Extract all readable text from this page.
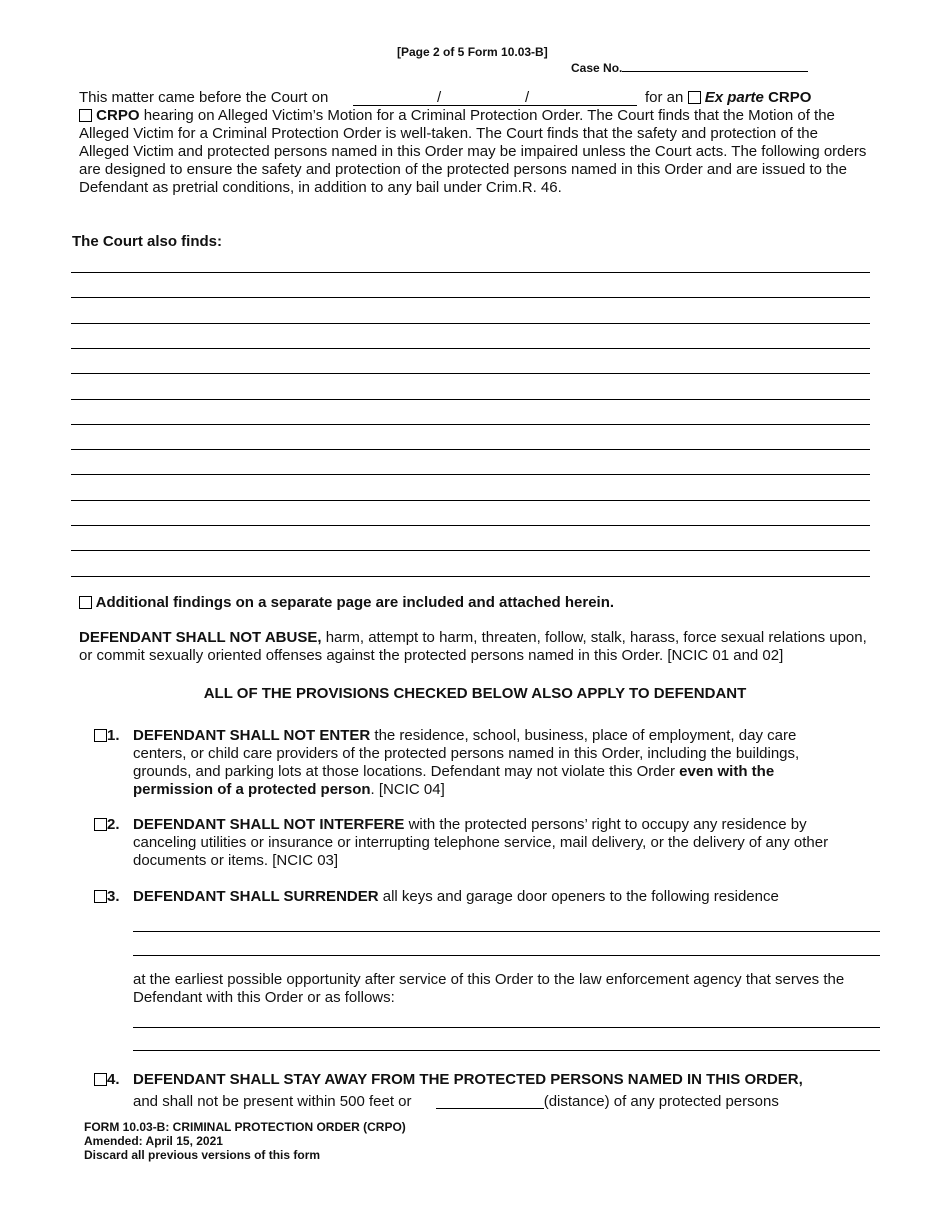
[Page 2 of 5 Form 10.03-B]
Case No.
This matter came before the Court on	/	/	for an Ex parte CRPO
CRPO hearing on Alleged Victim’s Motion for a Criminal Protection Order. The Court finds that the Motion of the Alleged Victim for a Criminal Protection Order is well-taken. The Court finds that the safety and protection of the Alleged Victim and protected persons named in this Order may be impaired unless the Court acts. The following orders are designed to ensure the safety and protection of the protected persons named in this Order and are issued to the Defendant as pretrial conditions, in addition to any bail under Crim.R. 46.
The Court also finds:
Additional findings on a separate page are included and attached herein.
DEFENDANT SHALL NOT ABUSE, harm, attempt to harm, threaten, follow, stalk, harass, force sexual relations upon, or commit sexually oriented offenses against the protected persons named in this Order. [NCIC 01 and 02]
ALL OF THE PROVISIONS CHECKED BELOW ALSO APPLY TO DEFENDANT
1. DEFENDANT SHALL NOT ENTER the residence, school, business, place of employment, day care centers, or child care providers of the protected persons named in this Order, including the buildings, grounds, and parking lots at those locations. Defendant may not violate this Order even with the permission of a protected person. [NCIC 04]
2. DEFENDANT SHALL NOT INTERFERE with the protected persons’ right to occupy any residence by canceling utilities or insurance or interrupting telephone service, mail delivery, or the delivery of any other documents or items. [NCIC 03]
3. DEFENDANT SHALL SURRENDER all keys and garage door openers to the following residence
at the earliest possible opportunity after service of this Order to the law enforcement agency that serves the Defendant with this Order or as follows:
4. DEFENDANT SHALL STAY AWAY FROM THE PROTECTED PERSONS NAMED IN THIS ORDER,
and shall not be present within 500 feet or	(distance) of any protected persons
FORM 10.03-B: CRIMINAL PROTECTION ORDER (CRPO)
Amended: April 15, 2021
Discard all previous versions of this form
